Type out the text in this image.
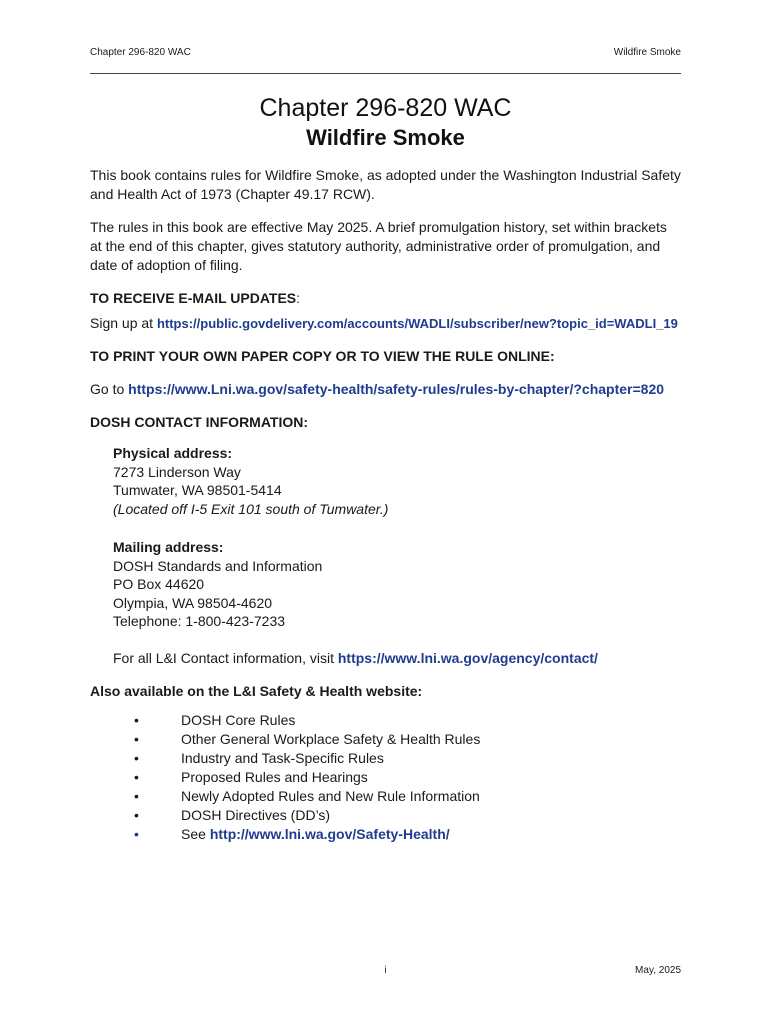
Chapter 296-820 WAC	Wildfire Smoke
Chapter 296-820 WAC
Wildfire Smoke

This book contains rules for Wildfire Smoke, as adopted under the Washington Industrial Safety and Health Act of 1973 (Chapter 49.17 RCW).

The rules in this book are effective May 2025. A brief promulgation history, set within brackets at the end of this chapter, gives statutory authority, administrative order of promulgation, and date of adoption of filing.

TO RECEIVE E-MAIL UPDATES:

Sign up at https://public.govdelivery.com/accounts/WADLI/subscriber/new?topic_id=WADLI_19

TO PRINT YOUR OWN PAPER COPY OR TO VIEW THE RULE ONLINE:

Go to https://www.Lni.wa.gov/safety-health/safety-rules/rules-by-chapter/?chapter=820

DOSH CONTACT INFORMATION:
Physical address:
7273 Linderson Way
Tumwater, WA 98501-5414
(Located off I-5 Exit 101 south of Tumwater.)
Mailing address:
DOSH Standards and Information
PO Box 44620
Olympia, WA 98504-4620
Telephone: 1-800-423-7233

For all L&I Contact information, visit https://www.lni.wa.gov/agency/contact/

Also available on the L&I Safety & Health website:
•	DOSH Core Rules
•	Other General Workplace Safety & Health Rules
•	Industry and Task-Specific Rules
•	Proposed Rules and Hearings
•	Newly Adopted Rules and New Rule Information
•	DOSH Directives (DD’s)
•	See http://www.lni.wa.gov/Safety-Health/
i	May, 2025
